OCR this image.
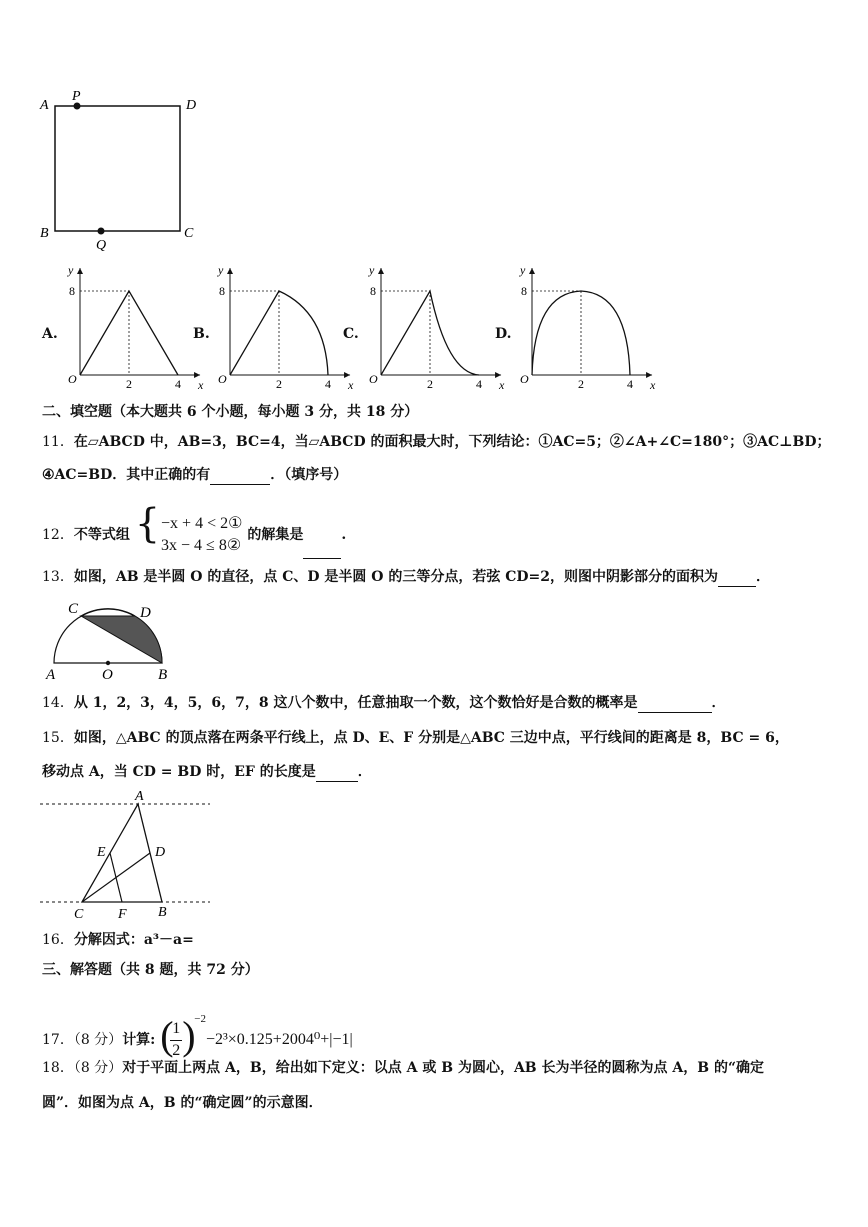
A
P
D
B
Q
C
A.	B.	C.	D.
y
x
O
8
2	4
y
x
O
8
2	4
y
x
O
8
2	4
y
x
O
8
2	4
二、填空题（本大题共 6 个小题，每小题 3 分，共 18 分）
11．在▱ABCD 中，AB=3，BC=4，当▱ABCD 的面积最大时，下列结论：①AC=5；②∠A+∠C=180°；③AC⊥BD；
④AC=BD．其中正确的有	．（填序号）
12．不等式组 { −x + 4 < 2①
3x − 4 ≤ 8②
的解集是	.
13．如图，AB 是半圆 O 的直径，点 C、D 是半圆 O 的三等分点，若弦 CD=2，则图中阴影部分的面积为	．
C	D
A	O	B
14．从 1，2，3，4，5，6，7，8 这八个数中，任意抽取一个数，这个数恰好是合数的概率是	．
15．如图，△ABC 的顶点落在两条平行线上，点 D、E、F 分别是△ABC 三边中点，平行线间的距离是 8，BC = 6，
移动点 A，当 CD = BD 时，EF 的长度是	．
A
E	D
C F B
16．分解因式：a³－a=
三、解答题（共 8 题，共 72 分）
17．（8 分）计算: (
1
2 )
$^{-2}$−2³×0.125+2004⁰+|−1|
18．（8 分）对于平面上两点 A，B，给出如下定义：以点 A 或 B 为圆心，AB 长为半径的圆称为点 A，B 的“确定
圆”．如图为点 A，B 的“确定圆”的示意图．
